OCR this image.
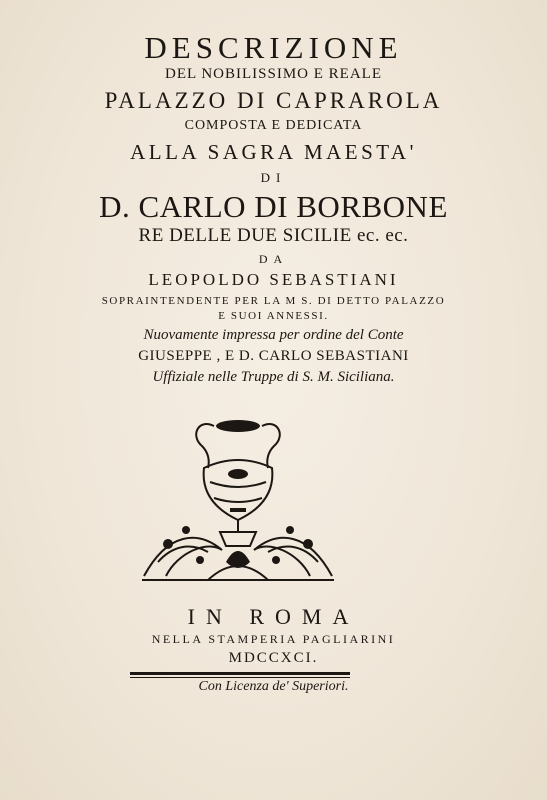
DESCRIZIONE
DEL NOBILISSIMO E REALE
PALAZZO DI CAPRAROLA
COMPOSTA E DEDICATA
ALLA SAGRA MAESTA'
DI
D. CARLO DI BORBONE
RE DELLE DUE SICILIE ec. ec.
DA
LEOPOLDO SEBASTIANI
SOPRAINTENDENTE PER LA M S. DI DETTO PALAZZO
E SUOI ANNESSI.
Nuovamente impressa per ordine del Conte
GIUSEPPE , E D. CARLO SEBASTIANI
Uffiziale nelle Truppe di S. M. Siciliana.
IN ROMA
NELLA STAMPERIA PAGLIARINI
MDCCXCI.
Con Licenza de' Superiori.
